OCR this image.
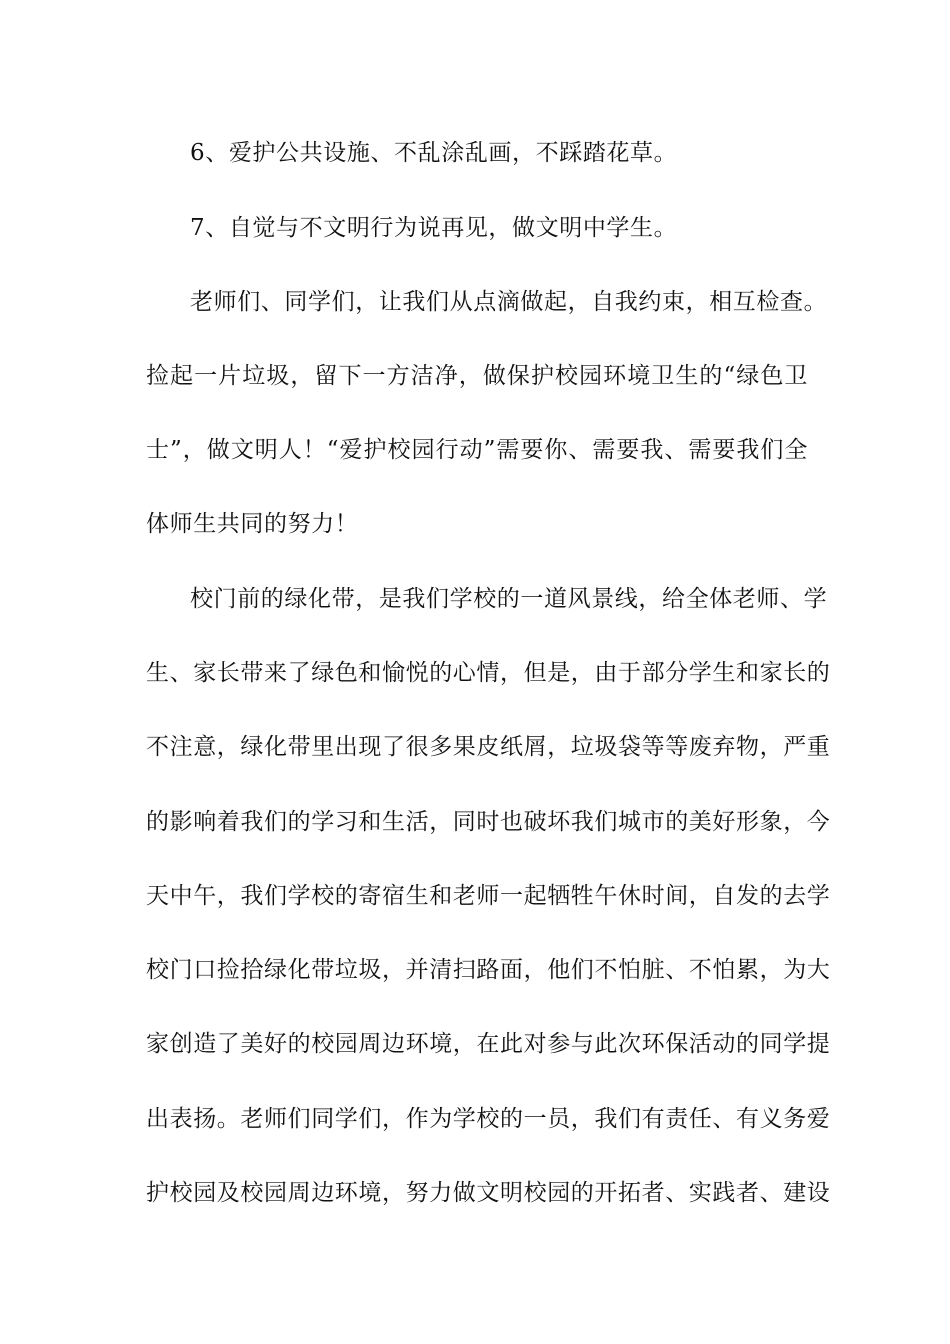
6、爱护公共设施、不乱涂乱画，不踩踏花草。
7、自觉与不文明行为说再见，做文明中学生。
老师们、同学们，让我们从点滴做起，自我约束，相互检查。
捡起一片垃圾，留下一方洁净，做保护校园环境卫生的“绿色卫
士”，做文明人！“爱护校园行动”需要你、需要我、需要我们全
体师生共同的努力！
校门前的绿化带，是我们学校的一道风景线，给全体老师、学
生、家长带来了绿色和愉悦的心情，但是，由于部分学生和家长的
不注意，绿化带里出现了很多果皮纸屑，垃圾袋等等废弃物，严重
的影响着我们的学习和生活，同时也破坏我们城市的美好形象，今
天中午，我们学校的寄宿生和老师一起牺牲午休时间，自发的去学
校门口捡拾绿化带垃圾，并清扫路面，他们不怕脏、不怕累，为大
家创造了美好的校园周边环境，在此对参与此次环保活动的同学提
出表扬。老师们同学们，作为学校的一员，我们有责任、有义务爱
护校园及校园周边环境，努力做文明校园的开拓者、实践者、建设
